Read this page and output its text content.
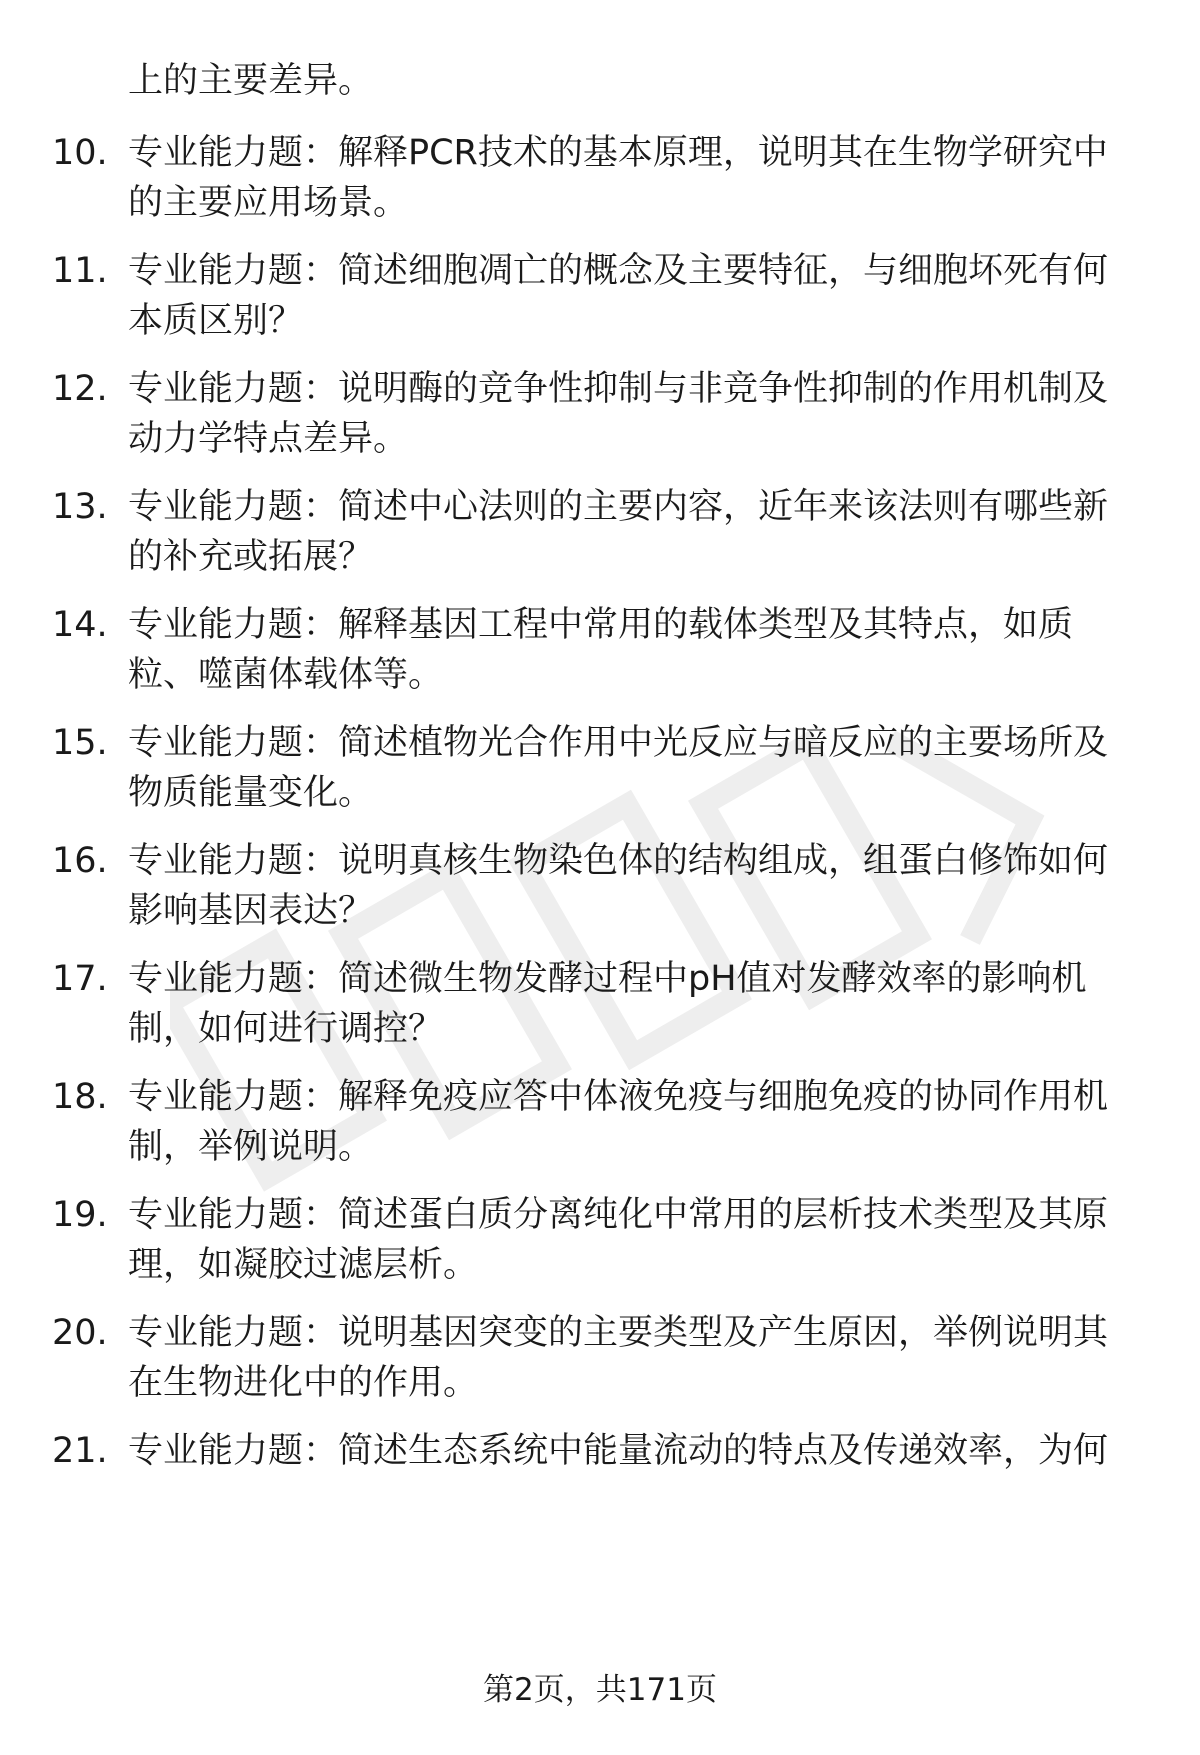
上的主要差异。
10. 专业能力题：解释PCR技术的基本原理，说明其在生物学研究中的主要应用场景。
11. 专业能力题：简述细胞凋亡的概念及主要特征，与细胞坏死有何本质区别？
12. 专业能力题：说明酶的竞争性抑制与非竞争性抑制的作用机制及动力学特点差异。
13. 专业能力题：简述中心法则的主要内容，近年来该法则有哪些新的补充或拓展？
14. 专业能力题：解释基因工程中常用的载体类型及其特点，如质粒、噬菌体载体等。
15. 专业能力题：简述植物光合作用中光反应与暗反应的主要场所及物质能量变化。
16. 专业能力题：说明真核生物染色体的结构组成，组蛋白修饰如何影响基因表达？
17. 专业能力题：简述微生物发酵过程中pH值对发酵效率的影响机制，如何进行调控？
18. 专业能力题：解释免疫应答中体液免疫与细胞免疫的协同作用机制，举例说明。
19. 专业能力题：简述蛋白质分离纯化中常用的层析技术类型及其原理，如凝胶过滤层析。
20. 专业能力题：说明基因突变的主要类型及产生原因，举例说明其在生物进化中的作用。
21. 专业能力题：简述生态系统中能量流动的特点及传递效率，为何
第2页，共171页
